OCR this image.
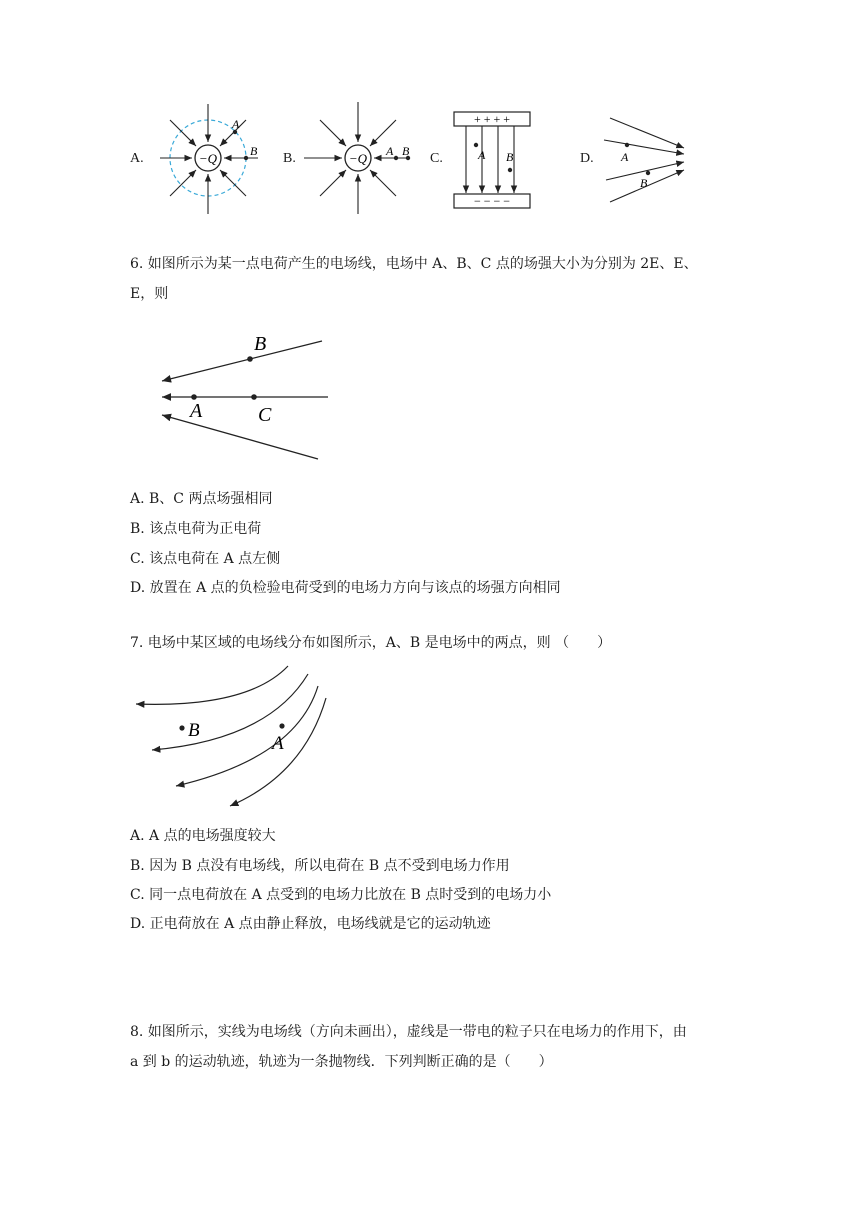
A.	−Q
A
B B.	−Q A B C.
+ + + +
− − − −
A B	D. A
B
6. 如图所示为某一点电荷产生的电场线，电场中 A、B、C 点的场强大小为分别为 2E、E、
E，则
B
A	C
A. B、C 两点场强相同
B. 该点电荷为正电荷
C. 该点电荷在 A 点左侧
D. 放置在 A 点的负检验电荷受到的电场力方向与该点的场强方向相同
7. 电场中某区域的电场线分布如图所示，A、B 是电场中的两点，则 （　　）
B
A
A. A 点的电场强度较大
B. 因为 B 点没有电场线，所以电荷在 B 点不受到电场力作用
C. 同一点电荷放在 A 点受到的电场力比放在 B 点时受到的电场力小
D. 正电荷放在 A 点由静止释放，电场线就是它的运动轨迹
8. 如图所示，实线为电场线（方向未画出），虚线是一带电的粒子只在电场力的作用下，由
a 到 b 的运动轨迹，轨迹为一条抛物线．下列判断正确的是（　　）
